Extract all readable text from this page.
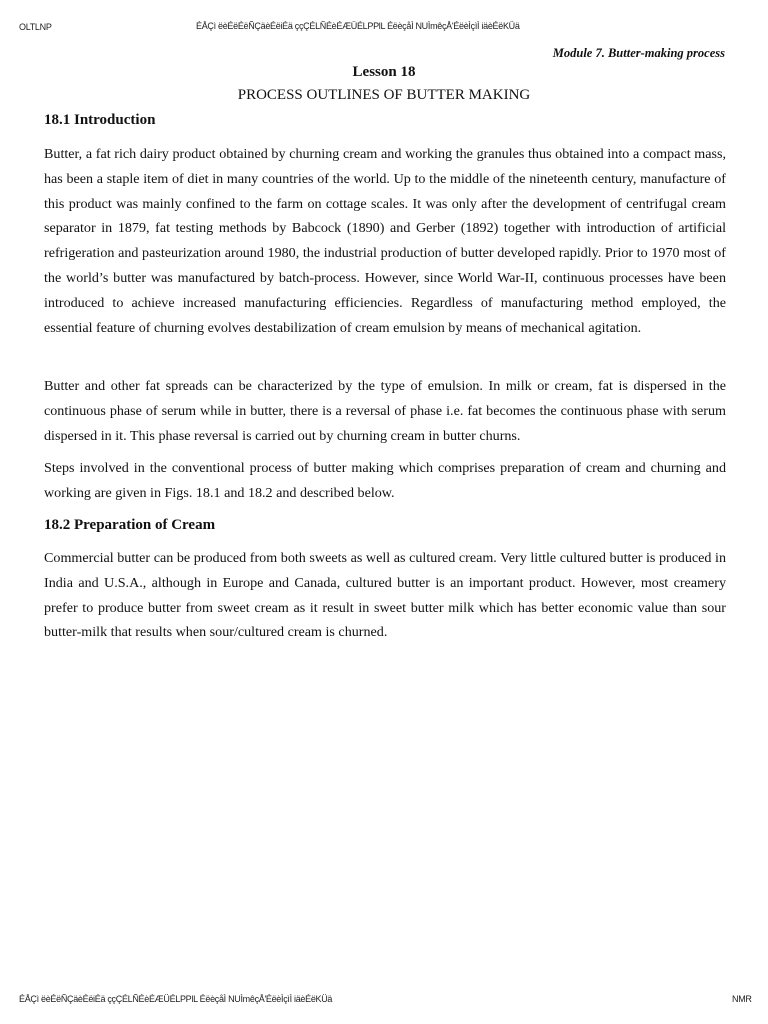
OLTLNP	ÉÅÇì ëèÉëÉëÑÇäèÉëiÉä ççÇÉLÑÉèÉÆÜÉLPPlL ÉëèçåÌ NUÌmêçÅ'ÉëèÌçìÌ iäèÉëKÜä
Module 7. Butter-making process
Lesson 18
PROCESS OUTLINES OF BUTTER MAKING
18.1 Introduction

Butter, a fat rich dairy product obtained by churning cream and working the granules thus obtained into a compact mass, has been a staple item of diet in many countries of the world. Up to the middle of the nineteenth century, manufacture of this product was mainly confined to the farm on cottage scales. It was only after the development of centrifugal cream separator in 1879, fat testing methods by Babcock (1890) and Gerber (1892) together with introduction of artificial refrigeration and pasteurization around 1980, the industrial production of butter developed rapidly. Prior to 1970 most of the world’s butter was manufactured by batch-process. However, since World War-II, continuous processes have been introduced to achieve increased manufacturing efficiencies. Regardless of manufacturing method employed, the essential feature of churning evolves destabilization of cream emulsion by means of mechanical agitation.

Butter and other fat spreads can be characterized by the type of emulsion. In milk or cream, fat is dispersed in the continuous phase of serum while in butter, there is a reversal of phase i.e. fat becomes the continuous phase with serum dispersed in it. This phase reversal is carried out by churning cream in butter churns.

Steps involved in the conventional process of butter making which comprises preparation of cream and churning and working are given in Figs. 18.1 and 18.2 and described below.

18.2 Preparation of Cream

Commercial butter can be produced from both sweets as well as cultured cream. Very little cultured butter is produced in India and U.S.A., although in Europe and Canada, cultured butter is an important product. However, most creamery prefer to produce butter from sweet cream as it result in sweet butter milk which has better economic value than sour butter-milk that results when sour/cultured cream is churned.

ÉÅÇì ëèÉëÑÇäèÉëiÉä ççÇÉLÑÉèÉÆÜÉLPPlL ÉëèçåÌ NUÌmêçÅ'ÉëèÌçìÌ iäèÉëKÜä	NMR
